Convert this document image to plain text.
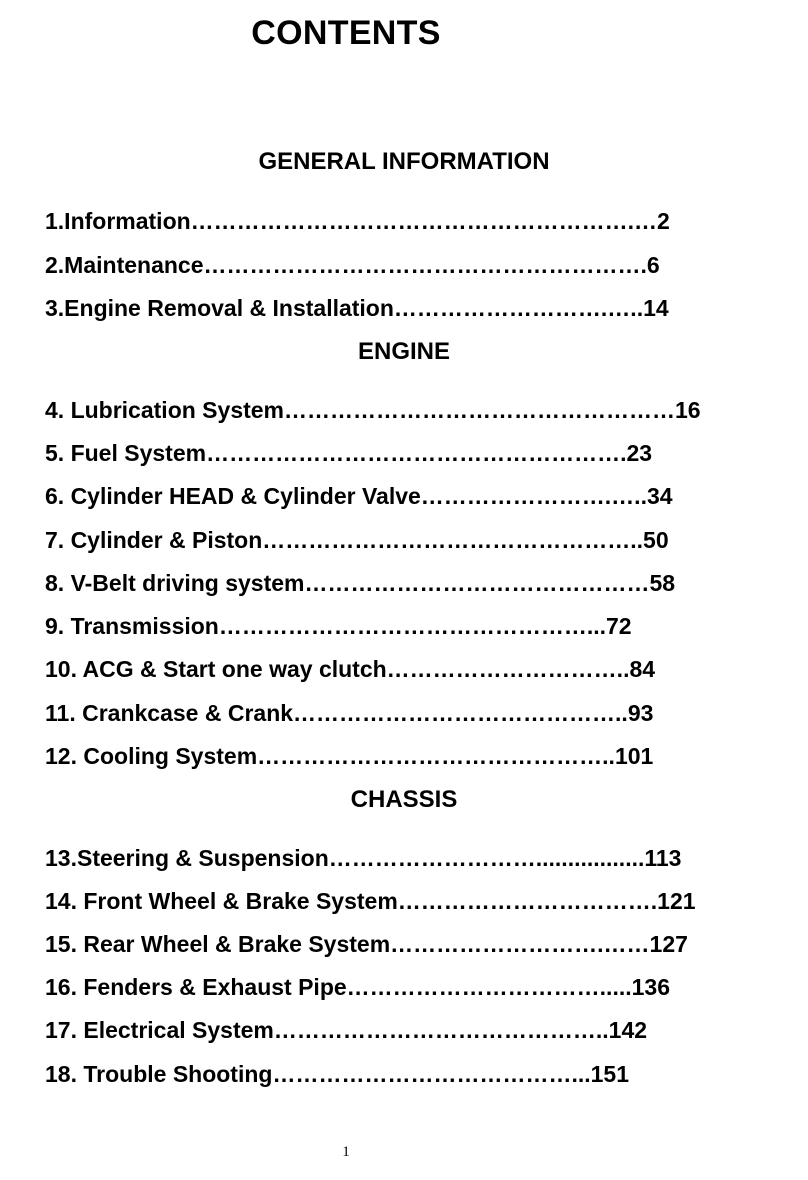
CONTENTS
GENERAL INFORMATION
1.Information………………………………………………….…2
2.Maintenance………………………………………………….6
3.Engine Removal & Installation……………………….…..14
ENGINE
4. Lubrication System……………………………………………16
5. Fuel System……………………………………………….23
6. Cylinder HEAD & Cylinder Valve…………………….…..34
7. Cylinder & Piston…………………………………………..50
8. V-Belt driving system………………………………………58
9. Transmission…………………………………………...72
10. ACG & Start one way clutch…………………………..84
11. Crankcase & Crank……………………………………..93
12. Cooling System………………………………………..101
CHASSIS
13.Steering & Suspension……………………….................113
14. Front Wheel & Brake System…………………………….121
15. Rear Wheel & Brake System……………………….……127
16. Fenders & Exhaust Pipe…………………………….....136
17. Electrical System……………………………………..142
18. Trouble Shooting…………………………………...151
1
